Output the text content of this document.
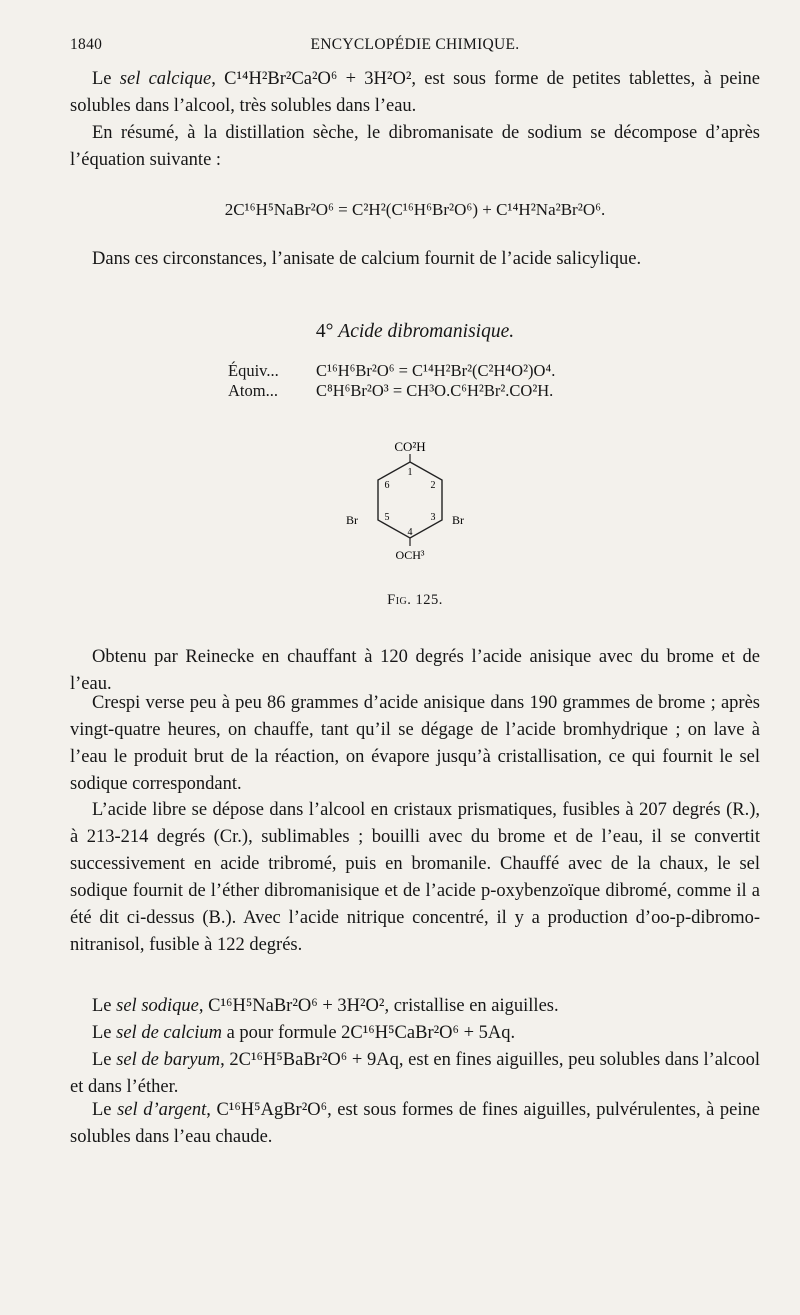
1840	ENCYCLOPÉDIE CHIMIQUE.

Le sel calcique, C¹⁴H²Br²Ca²O⁶ + 3H²O², est sous forme de petites tablettes, à peine solubles dans l’alcool, très solubles dans l’eau.

En résumé, à la distillation sèche, le dibromanisate de sodium se décompose d’après l’équation suivante :

2C¹⁶H⁵NaBr²O⁶ = C²H²(C¹⁶H⁶Br²O⁶) + C¹⁴H²Na²Br²O⁶.

Dans ces circonstances, l’anisate de calcium fournit de l’acide salicylique.

4° Acide dibromanisique.
Équiv... C¹⁶H⁶Br²O⁶ = C¹⁴H²Br²(C²H⁴O²)O⁴.
Atom... C⁸H⁶Br²O³ = CH³O.C⁶H²Br².CO²H.
CO²H
1
2
3
4
5
6
Br	Br
OCH³
Fig. 125.

Obtenu par Reinecke en chauffant à 120 degrés l’acide anisique avec du brome et de l’eau.

Crespi verse peu à peu 86 grammes d’acide anisique dans 190 grammes de brome ; après vingt-quatre heures, on chauffe, tant qu’il se dégage de l’acide bromhydrique ; on lave à l’eau le produit brut de la réaction, on évapore jusqu’à cristallisation, ce qui fournit le sel sodique correspondant.

L’acide libre se dépose dans l’alcool en cristaux prismatiques, fusibles à 207 degrés (R.), à 213-214 degrés (Cr.), sublimables ; bouilli avec du brome et de l’eau, il se convertit successivement en acide tribromé, puis en bromanile. Chauffé avec de la chaux, le sel sodique fournit de l’éther dibromanisique et de l’acide p-oxybenzoïque dibromé, comme il a été dit ci-dessus (B.). Avec l’acide nitrique concentré, il y a production d’oo-p-dibromo-nitranisol, fusible à 122 degrés.

Le sel sodique, C¹⁶H⁵NaBr²O⁶ + 3H²O², cristallise en aiguilles.

Le sel de calcium a pour formule 2C¹⁶H⁵CaBr²O⁶ + 5Aq.

Le sel de baryum, 2C¹⁶H⁵BaBr²O⁶ + 9Aq, est en fines aiguilles, peu solubles dans l’alcool et dans l’éther.

Le sel d’argent, C¹⁶H⁵AgBr²O⁶, est sous formes de fines aiguilles, pulvérulentes, à peine solubles dans l’eau chaude.
